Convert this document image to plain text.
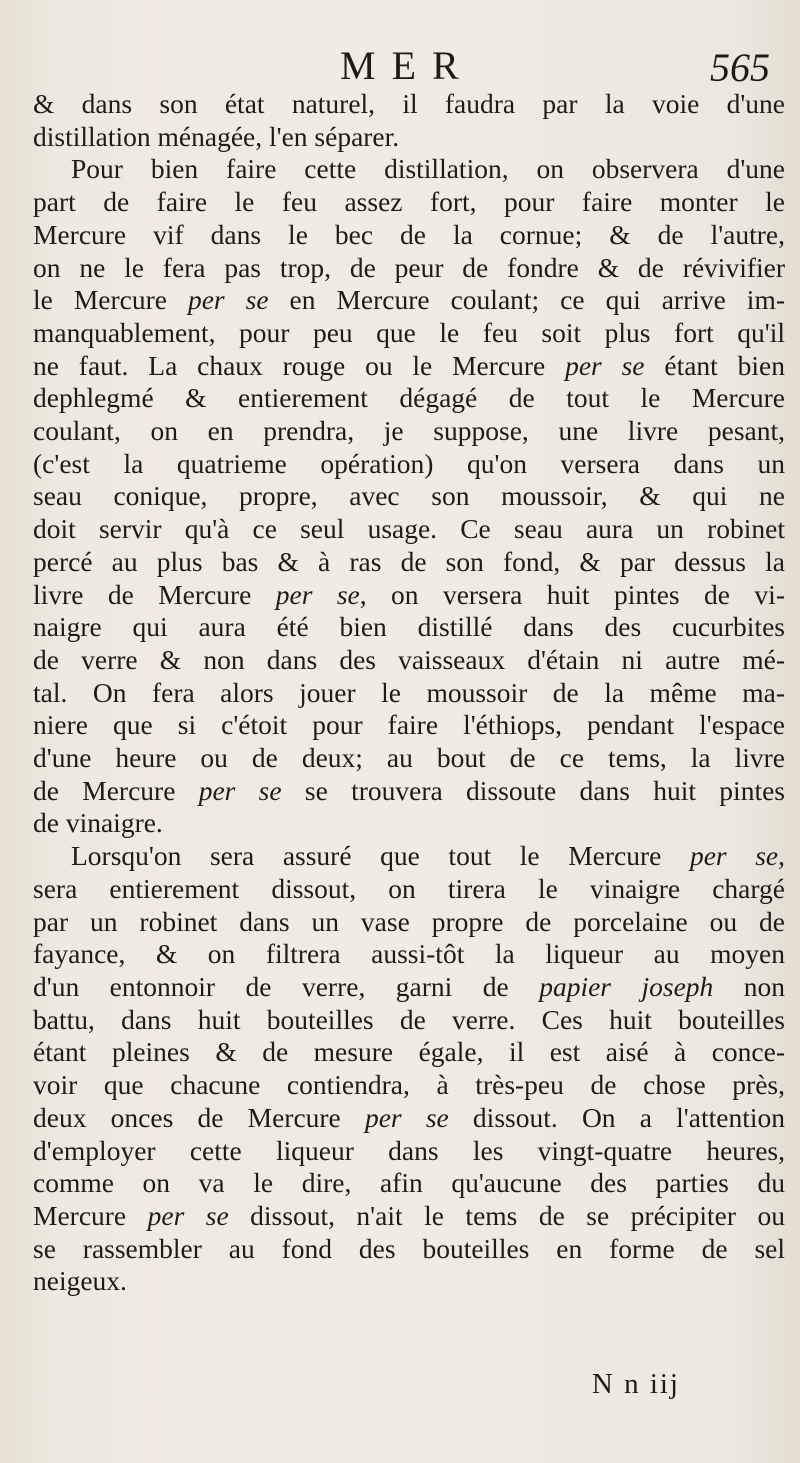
MER	565
& dans son état naturel, il faudra par la voie d'une
distillation ménagée, l'en séparer.
Pour bien faire cette distillation, on observera d'une
part de faire le feu assez fort, pour faire monter le
Mercure vif dans le bec de la cornue; & de l'autre,
on ne le fera pas trop, de peur de fondre & de révivifier
le Mercure per se en Mercure coulant; ce qui arrive im-
manquablement, pour peu que le feu soit plus fort qu'il
ne faut. La chaux rouge ou le Mercure per se étant bien
dephlegmé & entierement dégagé de tout le Mercure
coulant, on en prendra, je suppose, une livre pesant,
(c'est la quatrieme opération) qu'on versera dans un
seau conique, propre, avec son moussoir, & qui ne
doit servir qu'à ce seul usage. Ce seau aura un robinet
percé au plus bas & à ras de son fond, & par dessus la
livre de Mercure per se, on versera huit pintes de vi-
naigre qui aura été bien distillé dans des cucurbites
de verre & non dans des vaisseaux d'étain ni autre mé-
tal. On fera alors jouer le moussoir de la même ma-
niere que si c'étoit pour faire l'éthiops, pendant l'espace
d'une heure ou de deux; au bout de ce tems, la livre
de Mercure per se se trouvera dissoute dans huit pintes
de vinaigre.
Lorsqu'on sera assuré que tout le Mercure per se,
sera entierement dissout, on tirera le vinaigre chargé
par un robinet dans un vase propre de porcelaine ou de
fayance, & on filtrera aussi-tôt la liqueur au moyen
d'un entonnoir de verre, garni de papier joseph non
battu, dans huit bouteilles de verre. Ces huit bouteilles
étant pleines & de mesure égale, il est aisé à conce-
voir que chacune contiendra, à très-peu de chose près,
deux onces de Mercure per se dissout. On a l'attention
d'employer cette liqueur dans les vingt-quatre heures,
comme on va le dire, afin qu'aucune des parties du
Mercure per se dissout, n'ait le tems de se précipiter ou
se rassembler au fond des bouteilles en forme de sel
neigeux.
N n iij
